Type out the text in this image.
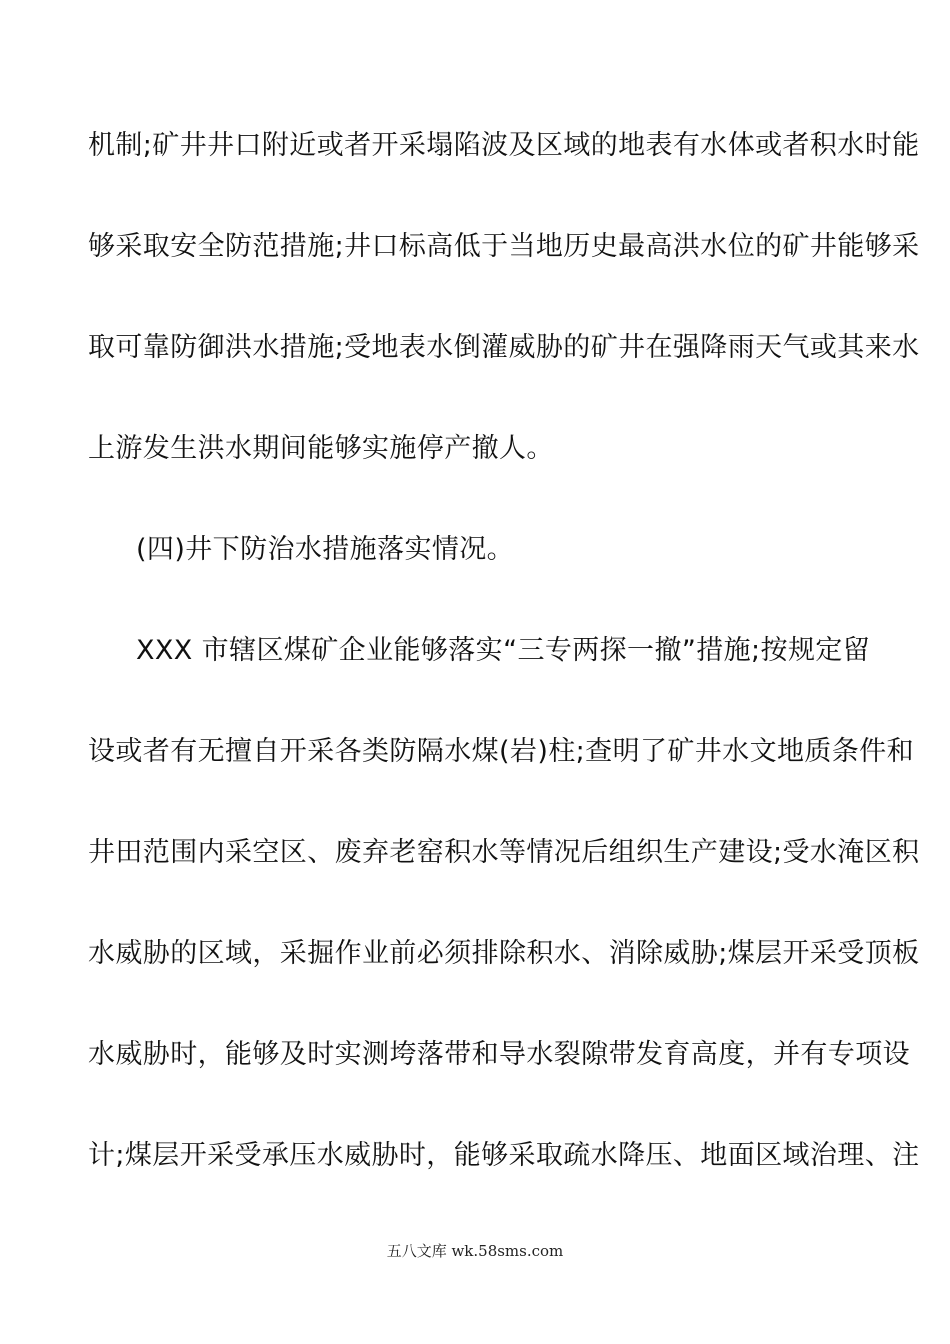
机制;矿井井口附近或者开采塌陷波及区域的地表有水体或者积水时能
够采取安全防范措施;井口标高低于当地历史最高洪水位的矿井能够采
取可靠防御洪水措施;受地表水倒灌威胁的矿井在强降雨天气或其来水
上游发生洪水期间能够实施停产撤人。
(四)井下防治水措施落实情况。
XXX 市辖区煤矿企业能够落实“三专两探一撤”措施;按规定留
设或者有无擅自开采各类防隔水煤(岩)柱;查明了矿井水文地质条件和
井田范围内采空区、废弃老窑积水等情况后组织生产建设;受水淹区积
水威胁的区域，采掘作业前必须排除积水、消除威胁;煤层开采受顶板
水威胁时，能够及时实测垮落带和导水裂隙带发育高度，并有专项设
计;煤层开采受承压水威胁时，能够采取疏水降压、地面区域治理、注
五八文库 wk.58sms.com
